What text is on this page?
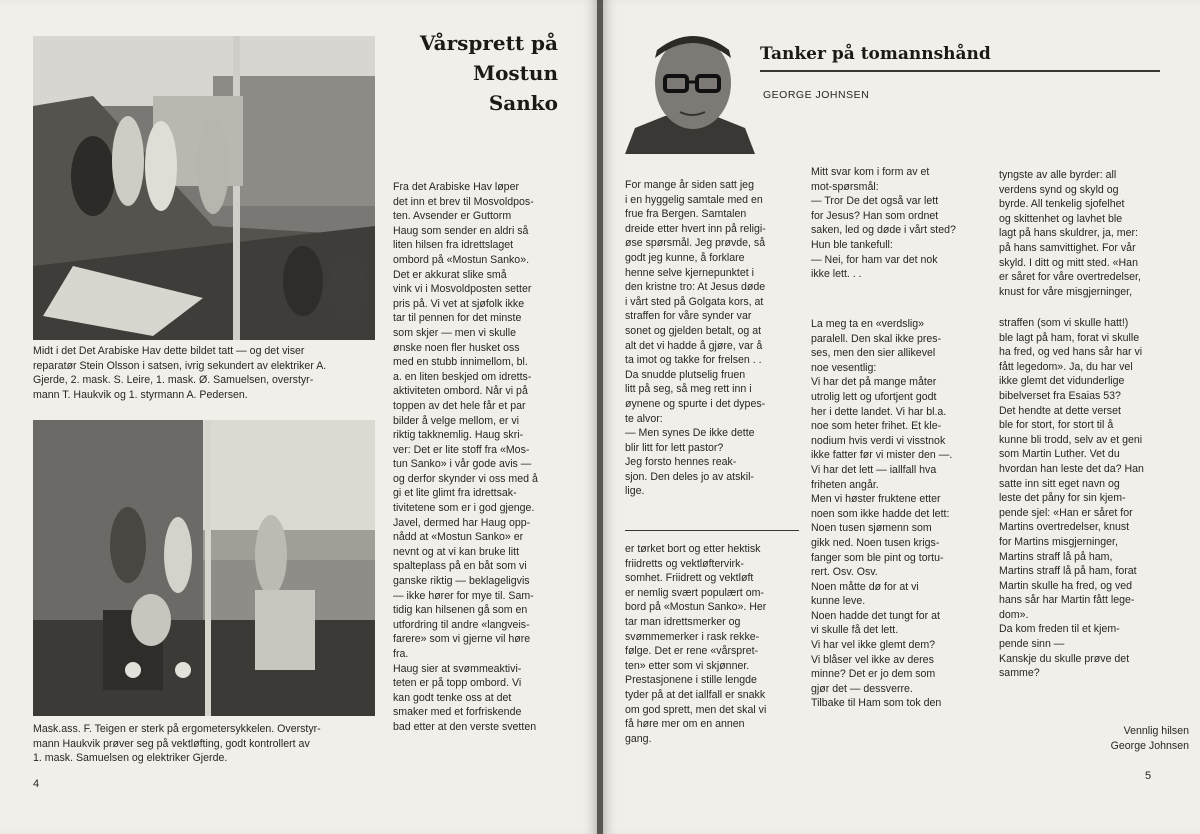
Midt i det Det Arabiske Hav dette bildet tatt — og det viser
reparatør Stein Olsson i satsen, ivrig sekundert av elektriker A.
Gjerde, 2. mask. S. Leire, 1. mask. Ø. Samuelsen, overstyr-
mann T. Haukvik og 1. styrmann A. Pedersen.
Mask.ass. F. Teigen er sterk på ergometersykkelen. Overstyr-
mann Haukvik prøver seg på vektløfting, godt kontrollert av
1. mask. Samuelsen og elektriker Gjerde.
Vårsprett på
Mostun
Sanko
Fra det Arabiske Hav løper
det inn et brev til Mosvoldpos-
ten. Avsender er Guttorm
Haug som sender en aldri så
liten hilsen fra idrettslaget
ombord på «Mostun Sanko».
Det er akkurat slike små
vink vi i Mosvoldposten setter
pris på. Vi vet at sjøfolk ikke
tar til pennen for det minste
som skjer — men vi skulle
ønske noen fler husket oss
med en stubb innimellom, bl.
a. en liten beskjed om idretts-
aktiviteten ombord. Når vi på
toppen av det hele får et par
bilder å velge mellom, er vi
riktig takknemlig. Haug skri-
ver: Det er lite stoff fra «Mos-
tun Sanko» i vår gode avis —
og derfor skynder vi oss med å
gi et lite glimt fra idrettsak-
tivitetene som er i god gjenge.
Javel, dermed har Haug opp-
nådd at «Mostun Sanko» er
nevnt og at vi kan bruke litt
spalteplass på en båt som vi
ganske riktig — beklageligvis
— ikke hører for mye til. Sam-
tidig kan hilsenen gå som en
utfordring til andre «langveis-
farere» som vi gjerne vil høre
fra.
Haug sier at svømmeaktivi-
teten er på topp ombord. Vi
kan godt tenke oss at det
smaker med et forfriskende
bad etter at den verste svetten
4
Tanker på tomannshånd
GEORGE JOHNSEN
For mange år siden satt jeg
i en hyggelig samtale med en
frue fra Bergen. Samtalen
dreide etter hvert inn på religi-
øse spørsmål. Jeg prøvde, så
godt jeg kunne, å forklare
henne selve kjernepunktet i
den kristne tro: At Jesus døde
i vårt sted på Golgata kors, at
straffen for våre synder var
sonet og gjelden betalt, og at
alt det vi hadde å gjøre, var å
ta imot og takke for frelsen . .
Da snudde plutselig fruen
litt på seg, så meg rett inn i
øynene og spurte i det dypes-
te alvor:
— Men synes De ikke dette
blir litt for lett pastor?
Jeg forsto hennes reak-
sjon. Den deles jo av atskil-
lige.
er tørket bort og etter hektisk
friidretts og vektløftervirk-
somhet. Friidrett og vektløft
er nemlig svært populært om-
bord på «Mostun Sanko». Her
tar man idrettsmerker og
svømmemerker i rask rekke-
følge. Det er rene «vårspret-
ten» etter som vi skjønner.
Prestasjonene i stille lengde
tyder på at det iallfall er snakk
om god sprett, men det skal vi
få høre mer om en annen
gang.
Mitt svar kom i form av et
mot-spørsmål:
— Tror De det også var lett
for Jesus? Han som ordnet
saken, led og døde i vårt sted?
Hun ble tankefull:
— Nei, for ham var det nok
ikke lett. . .
La meg ta en «verdslig»
paralell. Den skal ikke pres-
ses, men den sier allikevel
noe vesentlig:
Vi har det på mange måter
utrolig lett og ufortjent godt
her i dette landet. Vi har bl.a.
noe som heter frihet. Et kle-
nodium hvis verdi vi visstnok
ikke fatter før vi mister den —.
Vi har det lett — iallfall hva
friheten angår.
Men vi høster fruktene etter
noen som ikke hadde det lett:
Noen tusen sjømenn som
gikk ned. Noen tusen krigs-
fanger som ble pint og tortu-
rert. Osv. Osv.
Noen måtte dø for at vi
kunne leve.
Noen hadde det tungt for at
vi skulle få det lett.
Vi har vel ikke glemt dem?
Vi blåser vel ikke av deres
minne? Det er jo dem som
gjør det — dessverre.
Tilbake til Ham som tok den
tyngste av alle byrder: all
verdens synd og skyld og
byrde. All tenkelig sjofelhet
og skittenhet og lavhet ble
lagt på hans skuldrer, ja, mer:
på hans samvittighet. For vår
skyld. I ditt og mitt sted. «Han
er såret for våre overtredelser,
knust for våre misgjerninger,
straffen (som vi skulle hatt!)
ble lagt på ham, forat vi skulle
ha fred, og ved hans sår har vi
fått legedom». Ja, du har vel
ikke glemt det vidunderlige
bibelverset fra Esaias 53?
Det hendte at dette verset
ble for stort, for stort til å
kunne bli trodd, selv av et geni
som Martin Luther. Vet du
hvordan han leste det da? Han
satte inn sitt eget navn og
leste det påny for sin kjem-
pende sjel: «Han er såret for
Martins overtredelser, knust
for Martins misgjerninger,
Martins straff lå på ham,
Martins straff lå på ham, forat
Martin skulle ha fred, og ved
hans sår har Martin fått lege-
dom».
Da kom freden til et kjem-
pende sinn —
Kanskje du skulle prøve det
samme?
Vennlig hilsen
George Johnsen
5
